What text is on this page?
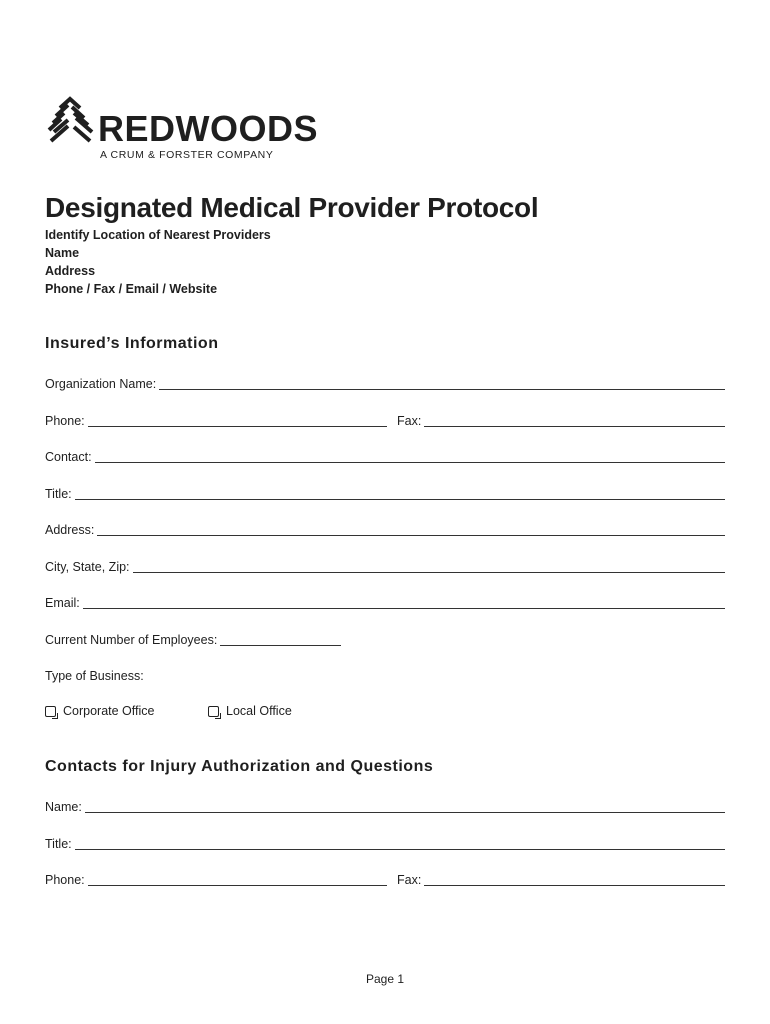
REDWOODS
A CRUM & FORSTER COMPANY
Designated Medical Provider Protocol
Identify Location of Nearest Providers
Name
Address
Phone / Fax / Email / Website
Insured’s Information
Organization Name:
Phone:	Fax:
Contact:
Title:
Address:
City, State, Zip:
Email:
Current Number of Employees:
Type of Business:
Corporate Office	Local Office
Contacts for Injury Authorization and Questions
Name:
Title:
Phone:	Fax:
Page 1
